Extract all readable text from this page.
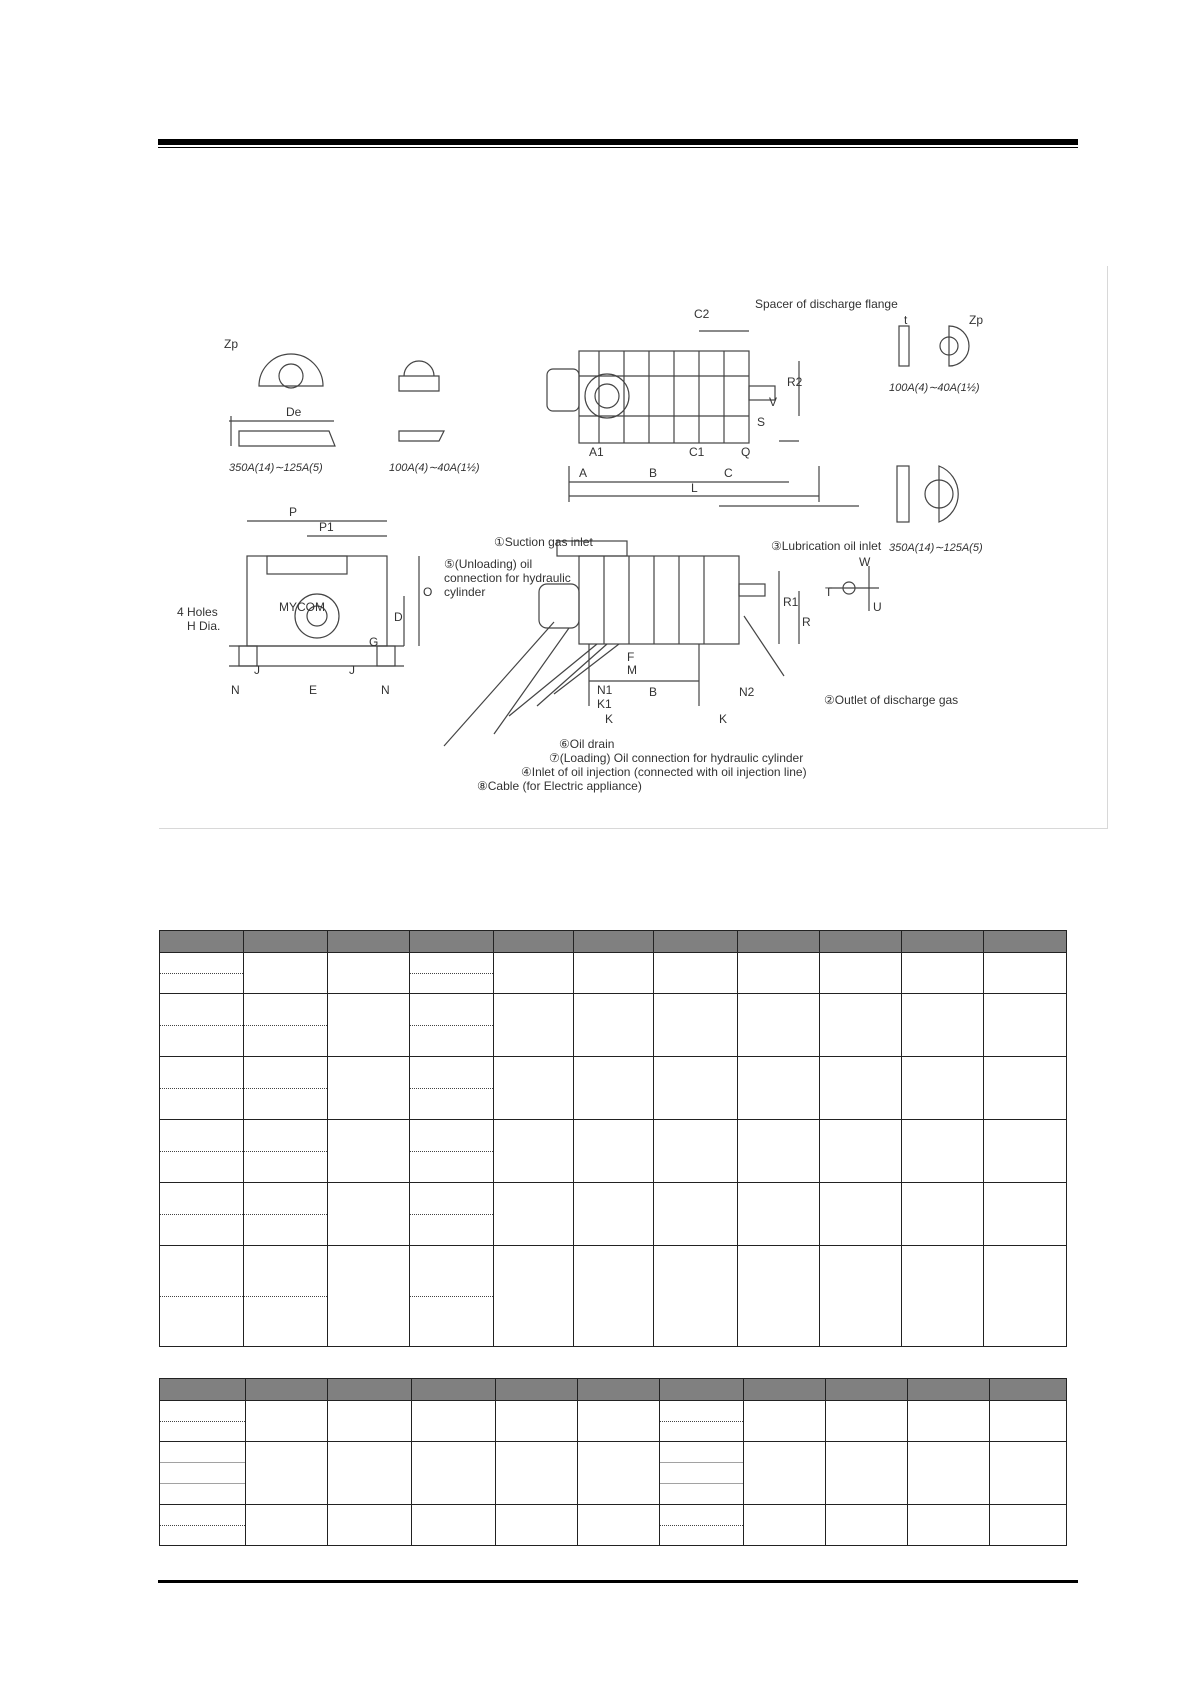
Spacer of discharge flange
C2	t	Zp
Zp
De
350A(14)∼125A(5)	100A(4)∼40A(1½)
100A(4)∼40A(1½)
350A(14)∼125A(5)
R2
V
S
Q
A1	C1
A	B	C
L
P
P1
O
D
G
4 Holes
H Dia.
MYCOM
J	J
N	E	N
①Suction gas inlet	③Lubrication oil inlet
⑤(Unloading) oil
connection for hydraulic
cylinder
F
M
N1	B	N2
K1
K	K
R
R1
W
T
U
②Outlet of discharge gas
⑥Oil drain
⑦(Loading) Oil connection for hydraulic cylinder
④Inlet of oil injection (connected with oil injection line)
⑧Cable (for Electric appliance)
